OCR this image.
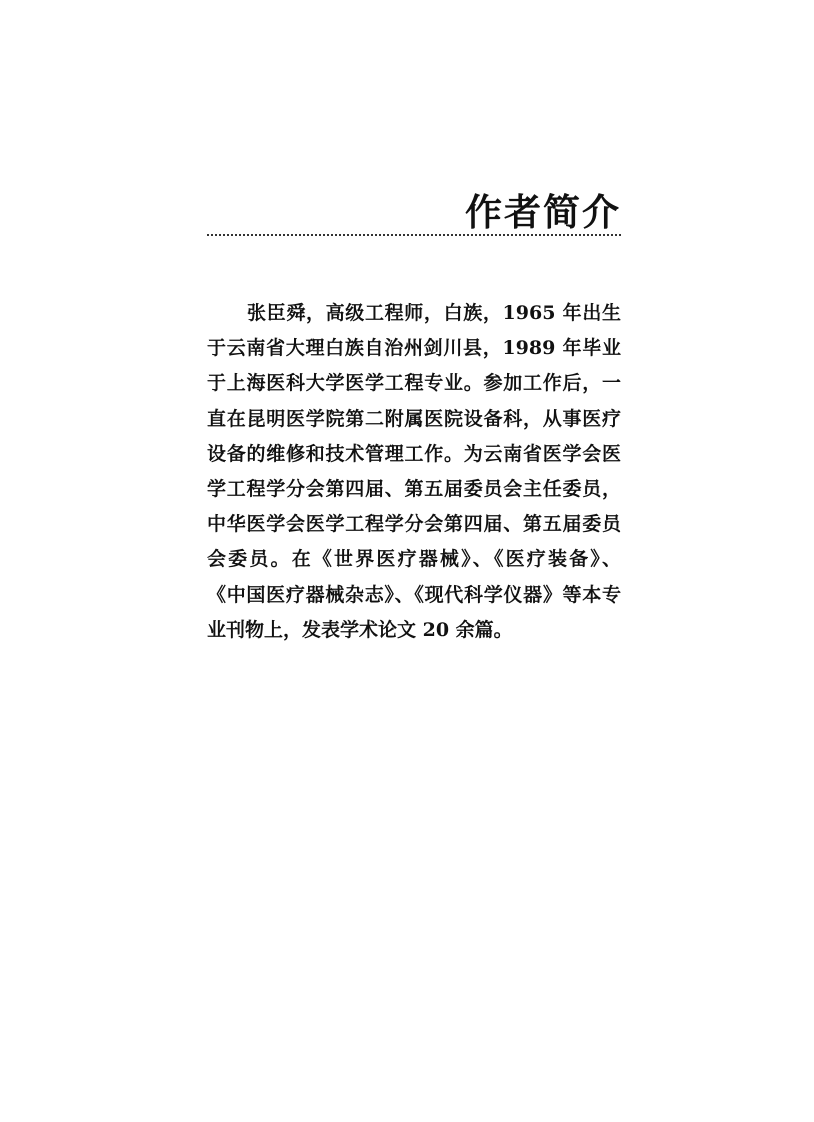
作者简介
张臣舜，高级工程师，白族，1965 年出生
于云南省大理白族自治州剑川县，1989 年毕业
于上海医科大学医学工程专业。参加工作后，一
直在昆明医学院第二附属医院设备科，从事医疗
设备的维修和技术管理工作。为云南省医学会医
学工程学分会第四届、第五届委员会主任委员，
中华医学会医学工程学分会第四届、第五届委员
会委员。在《世界医疗器械》、《医疗装备》、
《中国医疗器械杂志》、《现代科学仪器》等本专
业刊物上，发表学术论文 20 余篇。
